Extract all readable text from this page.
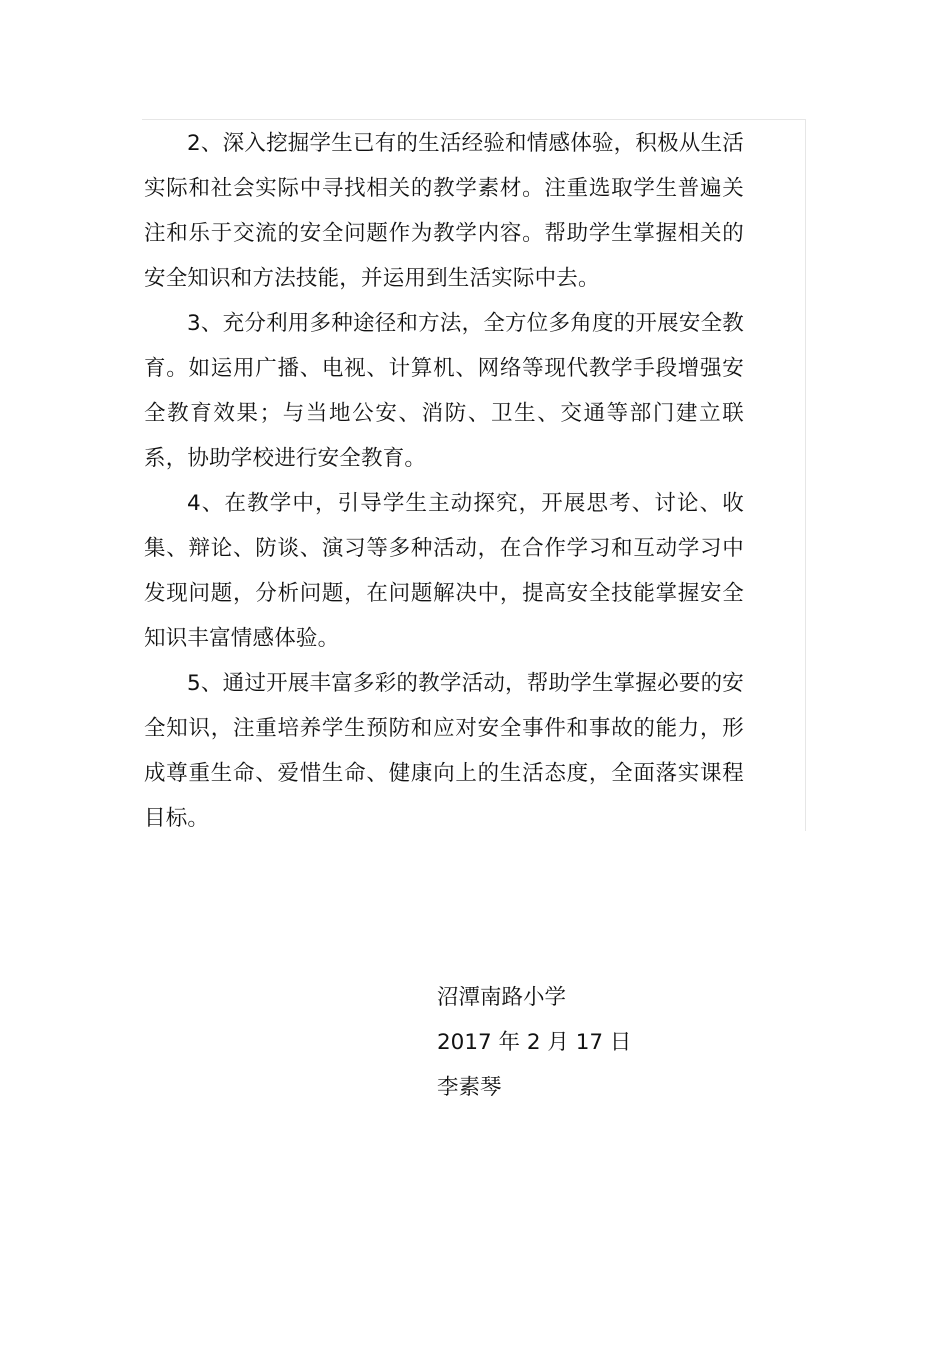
2、深入挖掘学生已有的生活经验和情感体验，积极从生活实际和社会实际中寻找相关的教学素材。注重选取学生普遍关注和乐于交流的安全问题作为教学内容。帮助学生掌握相关的安全知识和方法技能，并运用到生活实际中去。

3、充分利用多种途径和方法，全方位多角度的开展安全教育。如运用广播、电视、计算机、网络等现代教学手段增强安全教育效果；与当地公安、消防、卫生、交通等部门建立联系，协助学校进行安全教育。

4、在教学中，引导学生主动探究，开展思考、讨论、收集、辩论、防谈、演习等多种活动，在合作学习和互动学习中发现问题，分析问题，在问题解决中，提高安全技能掌握安全知识丰富情感体验。

5、通过开展丰富多彩的教学活动，帮助学生掌握必要的安全知识，注重培养学生预防和应对安全事件和事故的能力，形成尊重生命、爱惜生命、健康向上的生活态度，全面落实课程目标。

沼潭南路小学
2017 年 2 月 17 日
李素琴
